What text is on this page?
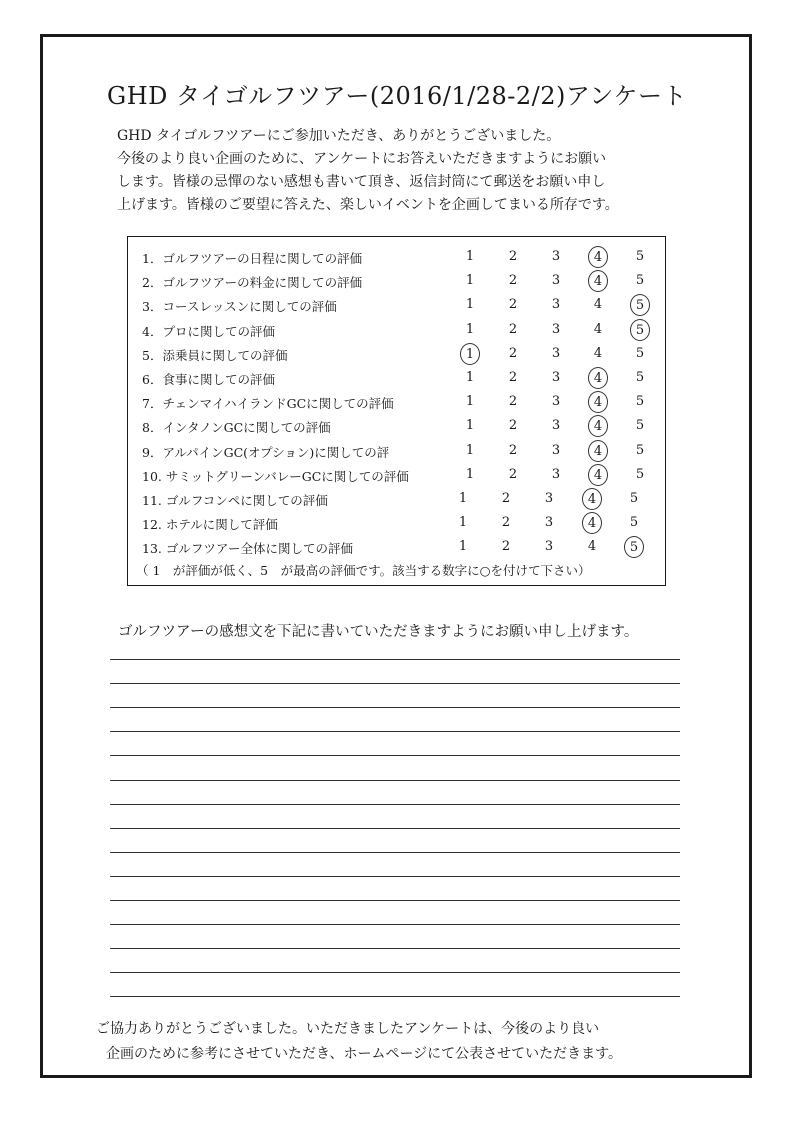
GHD タイゴルフツアー(2016/1/28-2/2)アンケート
GHD タイゴルフツアーにご参加いただき、ありがとうございました。
今後のより良い企画のために、アンケートにお答えいただきますようにお願い
します。皆様の忌憚のない感想も書いて頂き、返信封筒にて郵送をお願い申し
上げます。皆様のご要望に答えた、楽しいイベントを企画してまいる所存です。
1．ゴルフツアーの日程に関しての評価	1	2	3	4	5
2．ゴルフツアーの料金に関しての評価	1	2	3	4	5
3．コースレッスンに関しての評価	1	2	3	4	5
4．プロに関しての評価	1	2	3	4	5
5．添乗員に関しての評価	1	2	3	4	5
6．食事に関しての評価	1	2	3	4	5
7．チェンマイハイランドGCに関しての評価	1	2	3	4	5
8．インタノンGCに関しての評価	1	2	3	4	5
9．アルパインGC(オプション)に関しての評	1	2	3	4	5
10. サミットグリーンバレーGCに関しての評価	1	2	3	4	5
11. ゴルフコンペに関しての評価	1	2	3	4	5
12. ホテルに関して評価	1	2	3	4	5
13. ゴルフツアー全体に関しての評価	1	2	3	4	5
（ 1　が評価が低く、5　が最高の評価です。該当する数字に○を付けて下さい）
ゴルフツアーの感想文を下記に書いていただきますようにお願い申し上げます。
ご協力ありがとうございました。いただきましたアンケートは、今後のより良い
企画のために参考にさせていただき、ホームページにて公表させていただきます。
